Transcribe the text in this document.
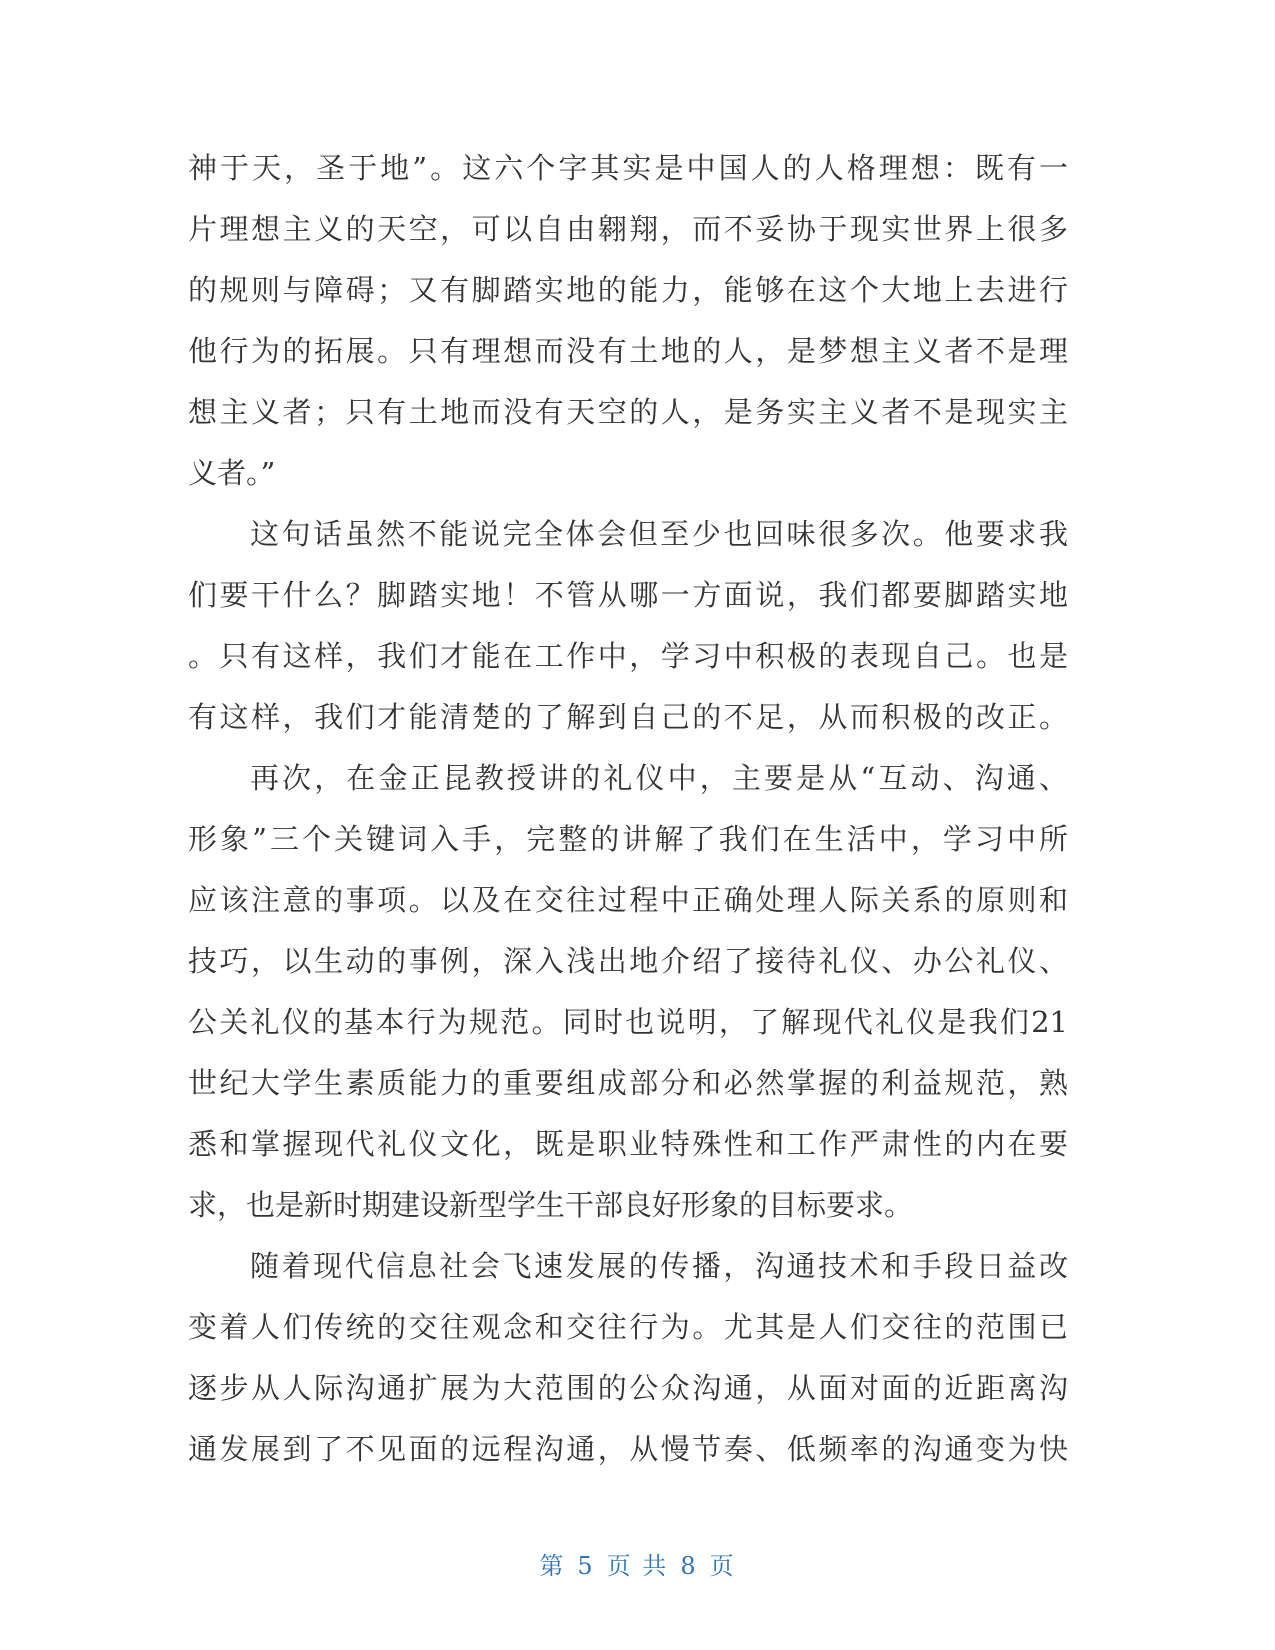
神于天，圣于地”。这六个字其实是中国人的人格理想：既有一
片理想主义的天空，可以自由翱翔，而不妥协于现实世界上很多
的规则与障碍；又有脚踏实地的能力，能够在这个大地上去进行
他行为的拓展。只有理想而没有土地的人，是梦想主义者不是理
想主义者；只有土地而没有天空的人，是务实主义者不是现实主
义者。”
这句话虽然不能说完全体会但至少也回味很多次。他要求我
们要干什么？脚踏实地！不管从哪一方面说，我们都要脚踏实地
。只有这样，我们才能在工作中，学习中积极的表现自己。也是
有这样，我们才能清楚的了解到自己的不足，从而积极的改正。
再次，在金正昆教授讲的礼仪中，主要是从“互动、沟通、
形象”三个关键词入手，完整的讲解了我们在生活中，学习中所
应该注意的事项。以及在交往过程中正确处理人际关系的原则和
技巧，以生动的事例，深入浅出地介绍了接待礼仪、办公礼仪、
公关礼仪的基本行为规范。同时也说明，了解现代礼仪是我们21
世纪大学生素质能力的重要组成部分和必然掌握的利益规范，熟
悉和掌握现代礼仪文化，既是职业特殊性和工作严肃性的内在要
求，也是新时期建设新型学生干部良好形象的目标要求。
随着现代信息社会飞速发展的传播，沟通技术和手段日益改
变着人们传统的交往观念和交往行为。尤其是人们交往的范围已
逐步从人际沟通扩展为大范围的公众沟通，从面对面的近距离沟
通发展到了不见面的远程沟通，从慢节奏、低频率的沟通变为快
第 5 页 共 8 页
